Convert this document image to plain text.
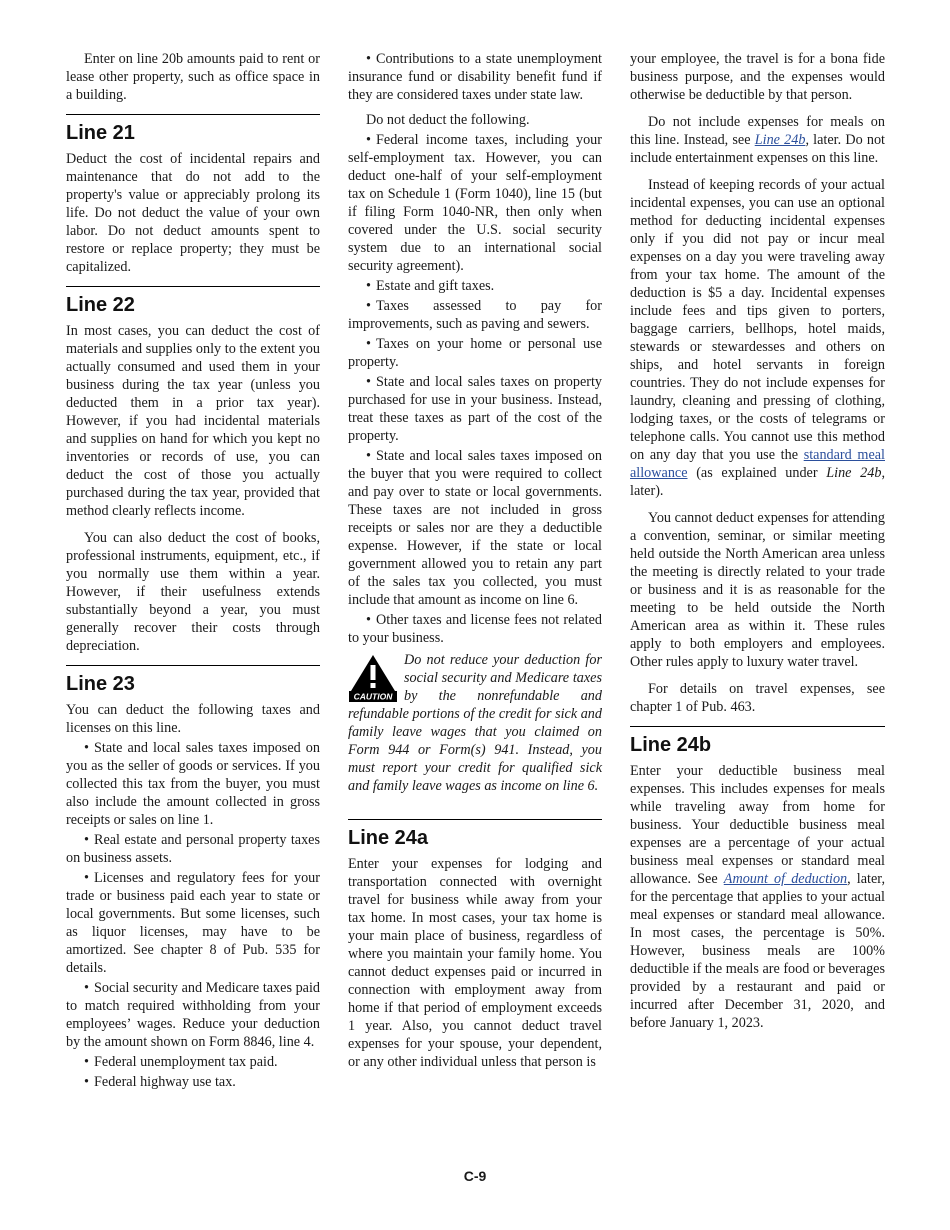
Enter on line 20b amounts paid to rent or lease other property, such as office space in a building.

Line 21

Deduct the cost of incidental repairs and maintenance that do not add to the property's value or appreciably prolong its life. Do not deduct the value of your own labor. Do not deduct amounts spent to restore or replace property; they must be capitalized.

Line 22

In most cases, you can deduct the cost of materials and supplies only to the extent you actually consumed and used them in your business during the tax year (unless you deducted them in a prior tax year). However, if you had incidental materials and supplies on hand for which you kept no inventories or records of use, you can deduct the cost of those you actually purchased during the tax year, provided that method clearly reflects income.

You can also deduct the cost of books, professional instruments, equipment, etc., if you normally use them within a year. However, if their usefulness extends substantially beyond a year, you must generally recover their costs through depreciation.

Line 23

You can deduct the following taxes and licenses on this line.

• State and local sales taxes imposed on you as the seller of goods or services. If you collected this tax from the buyer, you must also include the amount collected in gross receipts or sales on line 1.

• Real estate and personal property taxes on business assets.

• Licenses and regulatory fees for your trade or business paid each year to state or local governments. But some licenses, such as liquor licenses, may have to be amortized. See chapter 8 of Pub. 535 for details.

• Social security and Medicare taxes paid to match required withholding from your employees’ wages. Reduce your deduction by the amount shown on Form 8846, line 4.

• Federal unemployment tax paid.

• Federal highway use tax.

• Contributions to a state unemployment insurance fund or disability benefit fund if they are considered taxes under state law.

Do not deduct the following.

• Federal income taxes, including your self-employment tax. However, you can deduct one-half of your self-employment tax on Schedule 1 (Form 1040), line 15 (but if filing Form 1040-NR, then only when covered under the U.S. social security system due to an international social security agreement).

• Estate and gift taxes.

• Taxes assessed to pay for improvements, such as paving and sewers.

• Taxes on your home or personal use property.

• State and local sales taxes on property purchased for use in your business. Instead, treat these taxes as part of the cost of the property.

• State and local sales taxes imposed on the buyer that you were required to collect and pay over to state or local governments. These taxes are not included in gross receipts or sales nor are they a deductible expense. However, if the state or local government allowed you to retain any part of the sales tax you collected, you must include that amount as income on line 6.

• Other taxes and license fees not related to your business.

CAUTION
Do not reduce your deduction for social security and Medicare taxes by the nonrefundable and refundable portions of the credit for sick and family leave wages that you claimed on Form 944 or Form(s) 941. Instead, you must report your credit for qualified sick and family leave wages as income on line 6.
Line 24a

Enter your expenses for lodging and transportation connected with overnight travel for business while away from your tax home. In most cases, your tax home is your main place of business, regardless of where you maintain your family home. You cannot deduct expenses paid or incurred in connection with employment away from home if that period of employment exceeds 1 year. Also, you cannot deduct travel expenses for your spouse, your dependent, or any other individual unless that person is

your employee, the travel is for a bona fide business purpose, and the expenses would otherwise be deductible by that person.

Do not include expenses for meals on this line. Instead, see Line 24b, later. Do not include entertainment expenses on this line.

Instead of keeping records of your actual incidental expenses, you can use an optional method for deducting incidental expenses only if you did not pay or incur meal expenses on a day you were traveling away from your tax home. The amount of the deduction is $5 a day. Incidental expenses include fees and tips given to porters, baggage carriers, bellhops, hotel maids, stewards or stewardesses and others on ships, and hotel servants in foreign countries. They do not include expenses for laundry, cleaning and pressing of clothing, lodging taxes, or the costs of telegrams or telephone calls. You cannot use this method on any day that you use the standard meal allowance (as explained under Line 24b, later).

You cannot deduct expenses for attending a convention, seminar, or similar meeting held outside the North American area unless the meeting is directly related to your trade or business and it is as reasonable for the meeting to be held outside the North American area as within it. These rules apply to both employers and employees. Other rules apply to luxury water travel.

For details on travel expenses, see chapter 1 of Pub. 463.

Line 24b

Enter your deductible business meal expenses. This includes expenses for meals while traveling away from home for business. Your deductible business meal expenses are a percentage of your actual business meal expenses or standard meal allowance. See Amount of deduction, later, for the percentage that applies to your actual meal expenses or standard meal allowance. In most cases, the percentage is 50%. However, business meals are 100% deductible if the meals are food or beverages provided by a restaurant and paid or incurred after December 31, 2020, and before January 1, 2023.

C-9
